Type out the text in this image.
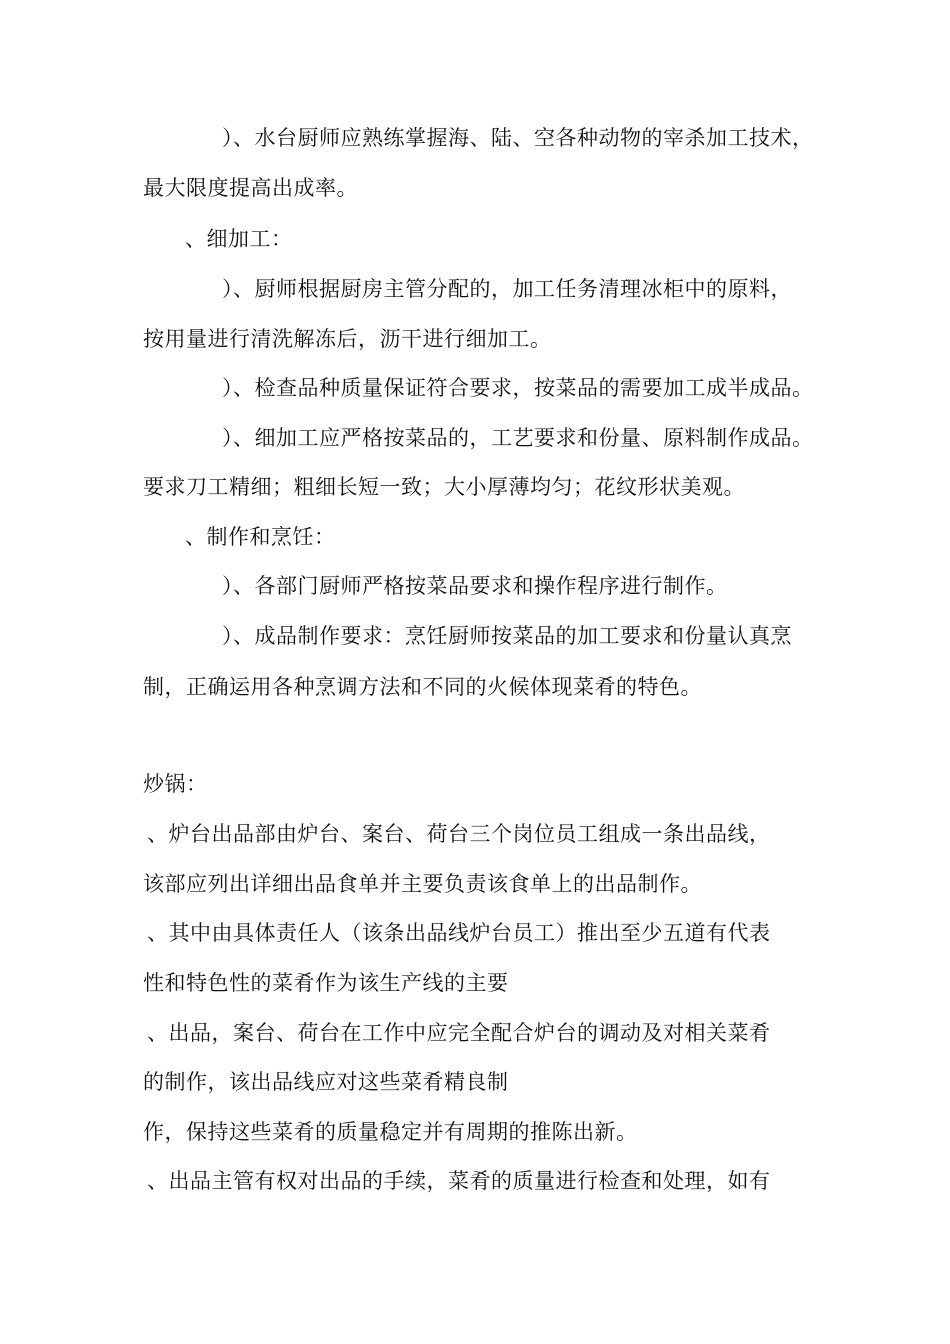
）、水台厨师应熟练掌握海、陆、空各种动物的宰杀加工技术，

最大限度提高出成率。

、细加工：

）、厨师根据厨房主管分配的，加工任务清理冰柜中的原料，

按用量进行清洗解冻后，沥干进行细加工。

）、检查品种质量保证符合要求，按菜品的需要加工成半成品。

）、细加工应严格按菜品的，工艺要求和份量、原料制作成品。

要求刀工精细；粗细长短一致；大小厚薄均匀；花纹形状美观。

、制作和烹饪：

）、各部门厨师严格按菜品要求和操作程序进行制作。

）、成品制作要求：烹饪厨师按菜品的加工要求和份量认真烹

制，正确运用各种烹调方法和不同的火候体现菜肴的特色。

炒锅：

、炉台出品部由炉台、案台、荷台三个岗位员工组成一条出品线，

该部应列出详细出品食单并主要负责该食单上的出品制作。

、其中由具体责任人（该条出品线炉台员工）推出至少五道有代表

性和特色性的菜肴作为该生产线的主要

、出品，案台、荷台在工作中应完全配合炉台的调动及对相关菜肴

的制作，该出品线应对这些菜肴精良制

作，保持这些菜肴的质量稳定并有周期的推陈出新。

、出品主管有权对出品的手续，菜肴的质量进行检查和处理，如有
